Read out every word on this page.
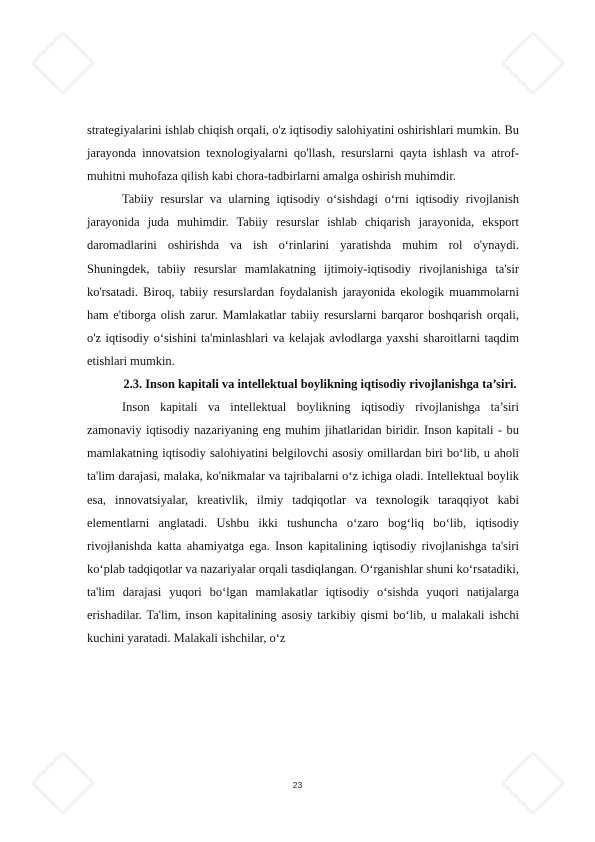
strategiyalarini ishlab chiqish orqali, o'z iqtisodiy salohiyatini oshirishlari mumkin. Bu jarayonda innovatsion texnologiyalarni qo'llash, resurslarni qayta ishlash va atrof-muhitni muhofaza qilish kabi chora-tadbirlarni amalga oshirish muhimdir.

Tabiiy resurslar va ularning iqtisodiy o‘sishdagi o‘rni iqtisodiy rivojlanish jarayonida juda muhimdir. Tabiiy resurslar ishlab chiqarish jarayonida, eksport daromadlarini oshirishda va ish o‘rinlarini yaratishda muhim rol o'ynaydi. Shuningdek, tabiiy resurslar mamlakatning ijtimoiy-iqtisodiy rivojlanishiga ta'sir ko'rsatadi. Biroq, tabiiy resurslardan foydalanish jarayonida ekologik muammolarni ham e'tiborga olish zarur. Mamlakatlar tabiiy resurslarni barqaror boshqarish orqali, o'z iqtisodiy o‘sishini ta'minlashlari va kelajak avlodlarga yaxshi sharoitlarni taqdim etishlari mumkin.

2.3. Inson kapitali va intellektual boylikning iqtisodiy rivojlanishga ta’siri.

Inson kapitali va intellektual boylikning iqtisodiy rivojlanishga ta’siri zamonaviy iqtisodiy nazariyaning eng muhim jihatlaridan biridir. Inson kapitali - bu mamlakatning iqtisodiy salohiyatini belgilovchi asosiy omillardan biri bo‘lib, u aholi ta'lim darajasi, malaka, ko'nikmalar va tajribalarni o‘z ichiga oladi. Intellektual boylik esa, innovatsiyalar, kreativlik, ilmiy tadqiqotlar va texnologik taraqqiyot kabi elementlarni anglatadi. Ushbu ikki tushuncha o‘zaro bog‘liq bo‘lib, iqtisodiy rivojlanishda katta ahamiyatga ega. Inson kapitalining iqtisodiy rivojlanishga ta'siri ko‘plab tadqiqotlar va nazariyalar orqali tasdiqlangan. O‘rganishlar shuni ko‘rsatadiki, ta'lim darajasi yuqori bo‘lgan mamlakatlar iqtisodiy o‘sishda yuqori natijalarga erishadilar. Ta'lim, inson kapitalining asosiy tarkibiy qismi bo‘lib, u malakali ishchi kuchini yaratadi. Malakali ishchilar, o‘z

23
